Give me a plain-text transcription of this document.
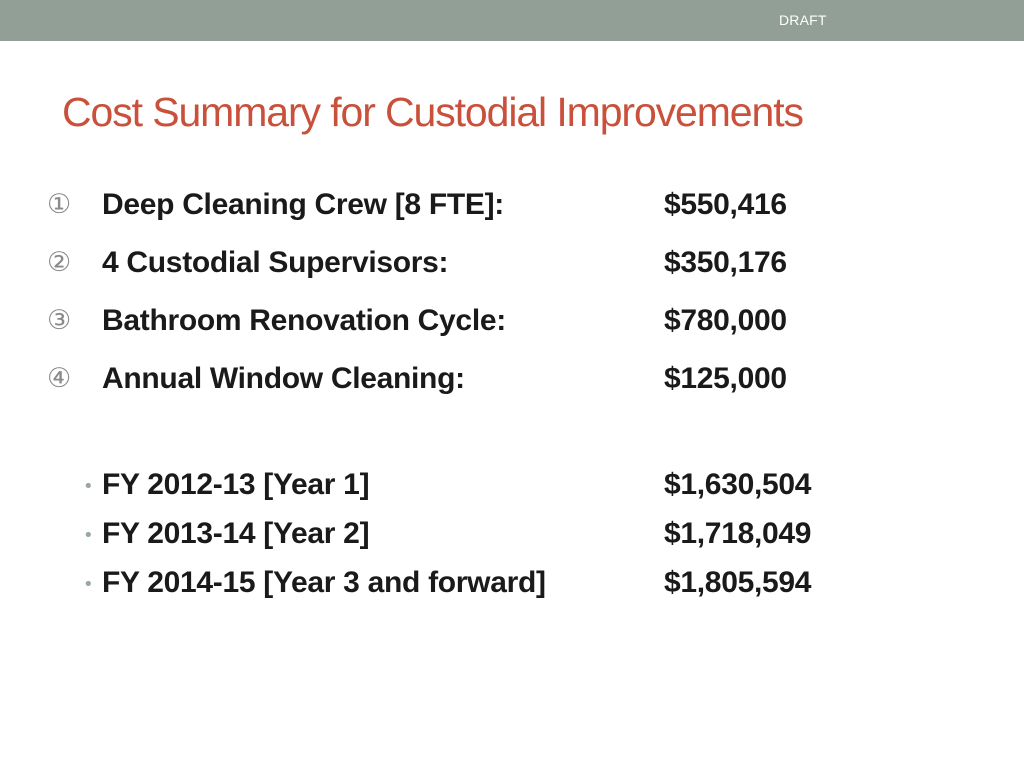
DRAFT
Cost Summary for Custodial Improvements
① Deep Cleaning Crew [8 FTE]:	$550,416
② 4 Custodial Supervisors:	$350,176
③ Bathroom Renovation Cycle:	$780,000
④ Annual Window Cleaning:	$125,000
• FY 2012-13 [Year 1]	$1,630,504
• FY 2013-14 [Year 2]	$1,718,049
• FY 2014-15 [Year 3 and forward]	$1,805,594
